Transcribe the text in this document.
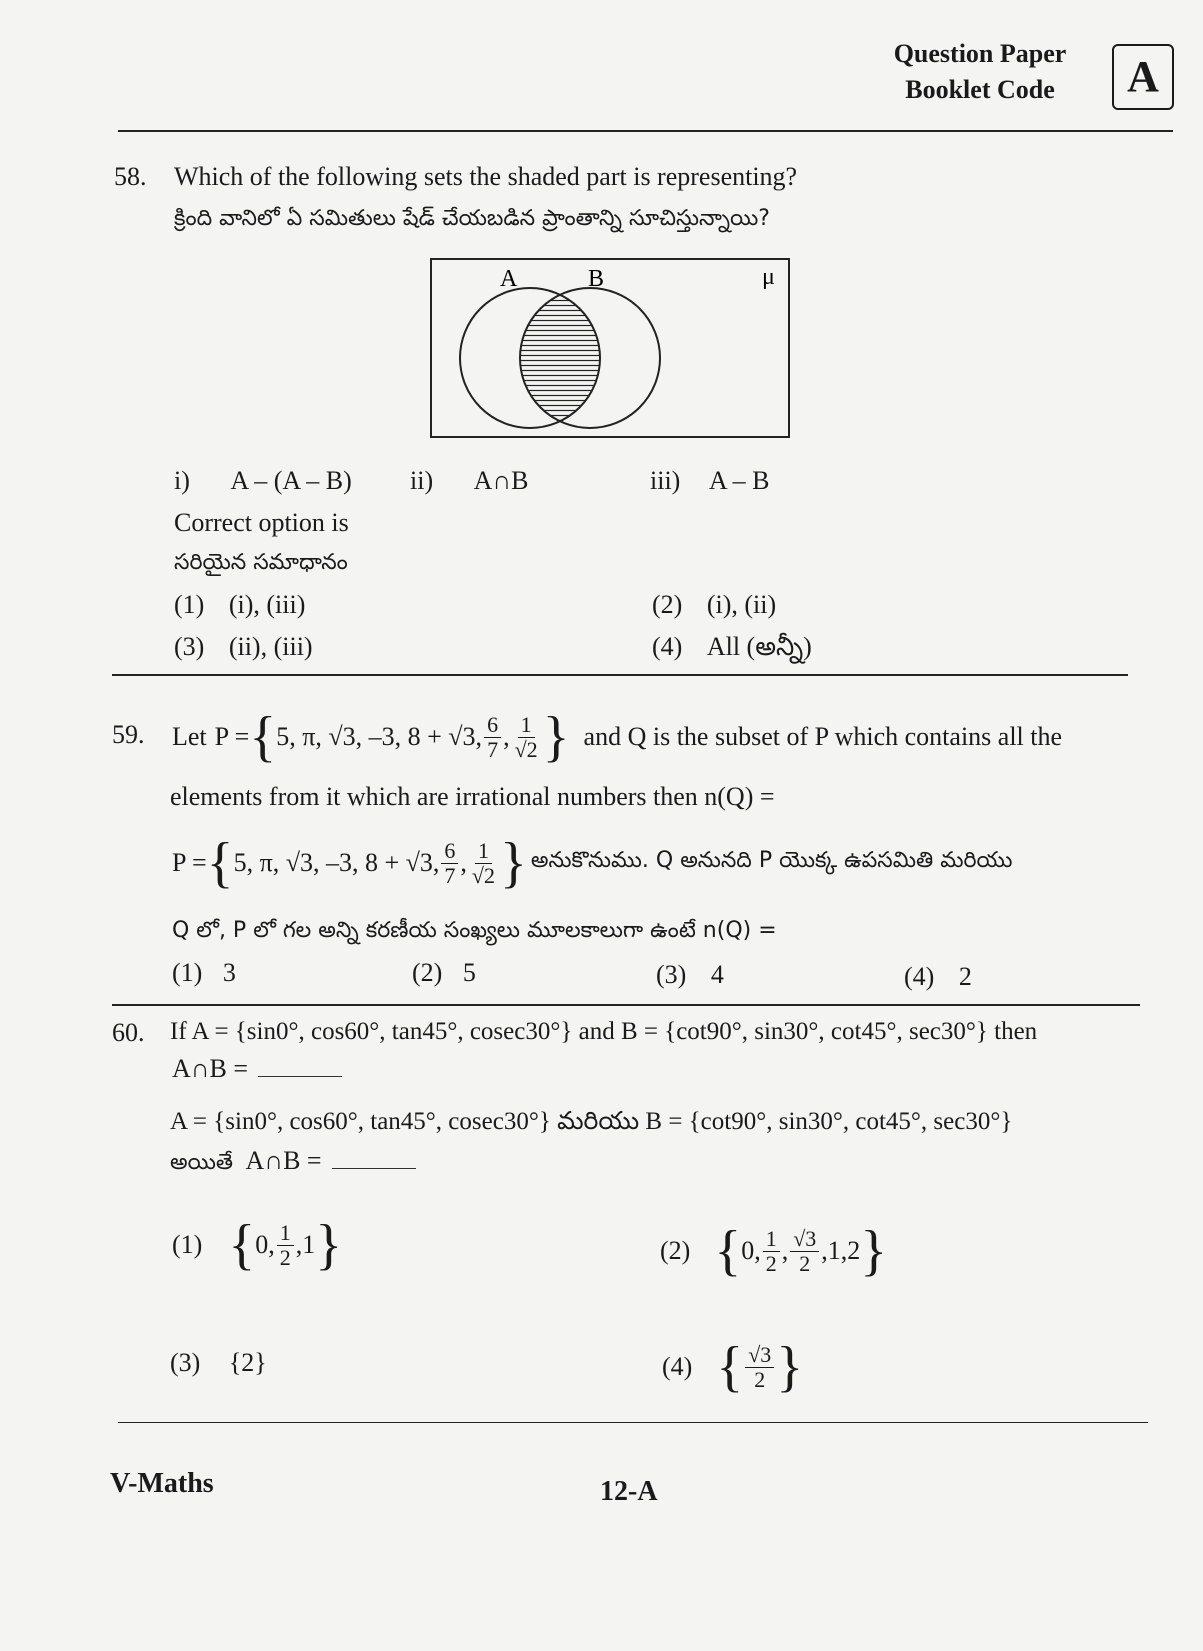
Question Paper
Booklet Code	A
58. Which of the following sets the shaded part is representing?
క్రింది వానిలో ఏ సమితులు షేడ్ చేయబడిన ప్రాంతాన్ని సూచిస్తున్నాయి?
A	B	μ
i) A – (A – B) ii) A∩B	iii) A – B
Correct option is
సరియైన సమాధానం
(1) (i), (iii)	(2) (i), (ii)
(3) (ii), (iii)	(4) All (అన్నీ)
59. Let P = { 5, π, √3, –3, 8 + √3, $\frac{6}{7}$ , $\frac{1}{√2}$ } and Q is the subset of P which contains all the
elements from it which are irrational numbers then n(Q) =
P = { 5, π, √3, –3, 8 + √3, $\frac{6}{7}$ , $\frac{1}{√2}$ } అనుకొనుము. Q అనునది P యొక్క ఉపసమితి మరియు
Q లో, P లో గల అన్ని కరణీయ సంఖ్యలు మూలకాలుగా ఉంటే n(Q) =
(1) 3	(2) 5	(3) 4	(4) 2
60. If A = {sin0°, cos60°, tan45°, cosec30°} and B = {cot90°, sin30°, cot45°, sec30°} then
A∩B =
A = {sin0°, cos60°, tan45°, cosec30°} మరియు B = {cot90°, sin30°, cot45°, sec30°}
అయితే A∩B =
(1) { 0, $\frac{1}{2} ,1$ }	(2) { 0, $\frac{1}{2}$ , $\frac{√3}{2} ,1,2$ }
(3) {2}	(4) { $\frac{√3}{2}$ }
V-Maths	12-A
